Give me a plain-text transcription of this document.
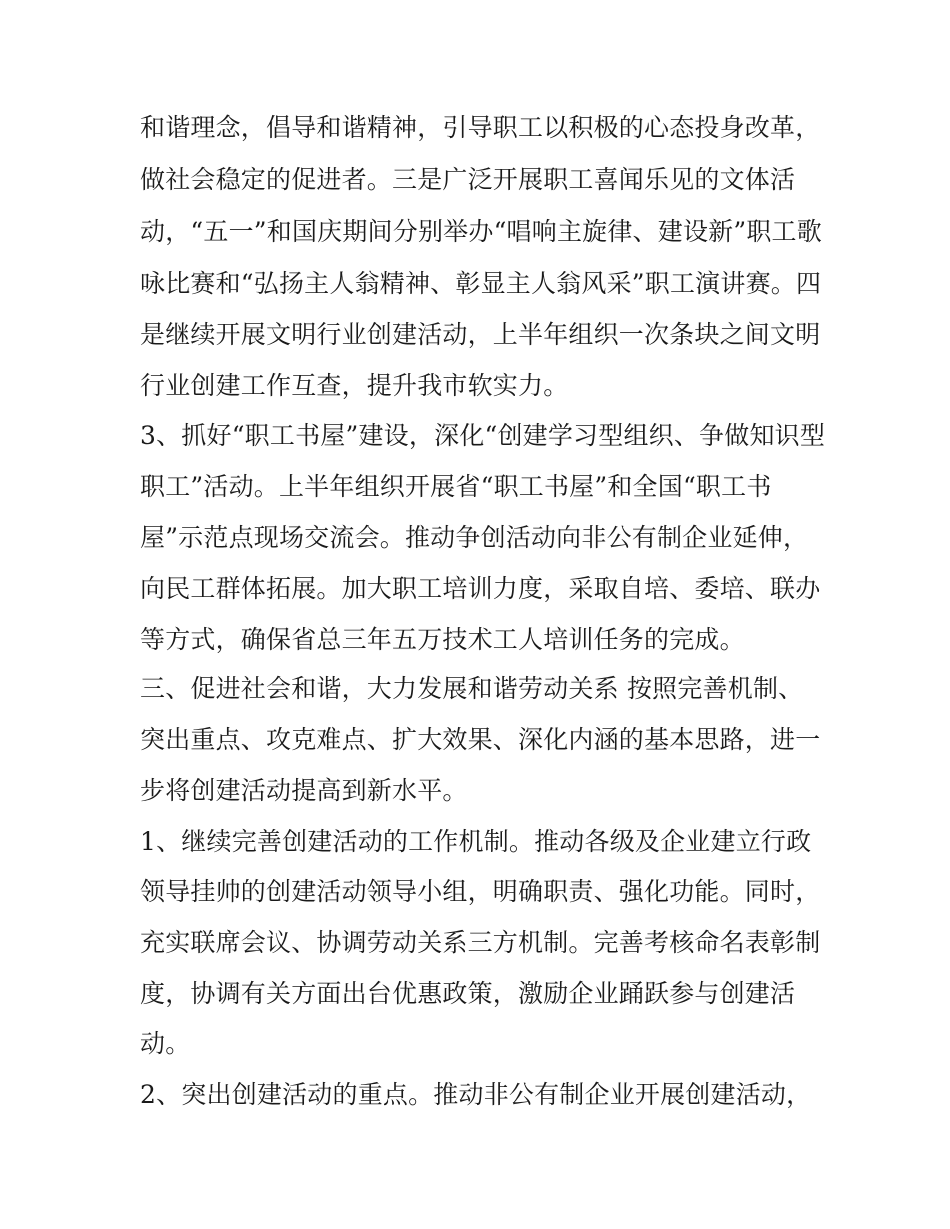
和谐理念，倡导和谐精神，引导职工以积极的心态投身改革，
做社会稳定的促进者。三是广泛开展职工喜闻乐见的文体活
动，“五一”和国庆期间分别举办“唱响主旋律、建设新”职工歌
咏比赛和“弘扬主人翁精神、彰显主人翁风采”职工演讲赛。四
是继续开展文明行业创建活动，上半年组织一次条块之间文明
行业创建工作互查，提升我市软实力。
3、抓好“职工书屋”建设，深化“创建学习型组织、争做知识型
职工”活动。上半年组织开展省“职工书屋”和全国“职工书
屋”示范点现场交流会。推动争创活动向非公有制企业延伸，
向民工群体拓展。加大职工培训力度，采取自培、委培、联办
等方式，确保省总三年五万技术工人培训任务的完成。
三、促进社会和谐，大力发展和谐劳动关系 按照完善机制、
突出重点、攻克难点、扩大效果、深化内涵的基本思路，进一
步将创建活动提高到新水平。
1、继续完善创建活动的工作机制。推动各级及企业建立行政
领导挂帅的创建活动领导小组，明确职责、强化功能。同时，
充实联席会议、协调劳动关系三方机制。完善考核命名表彰制
度，协调有关方面出台优惠政策，激励企业踊跃参与创建活
动。
2、突出创建活动的重点。推动非公有制企业开展创建活动，
